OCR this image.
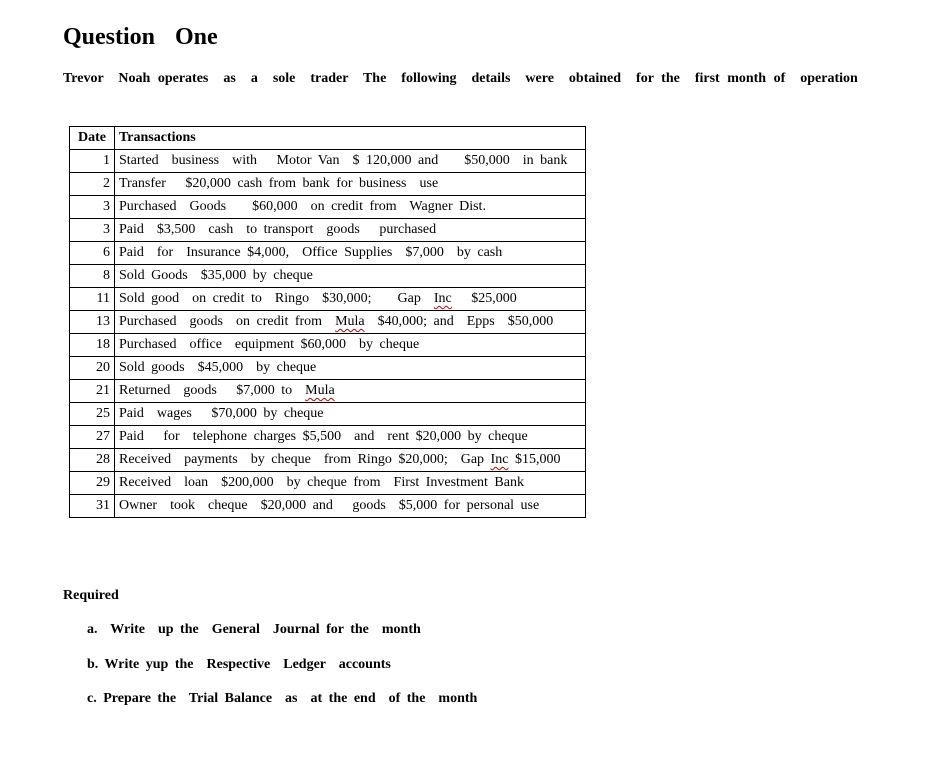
Question  One

Trevor  Noah operates  as  a  sole  trader  The  following  details  were  obtained  for the  first month of  operation

Date	Transactions
1	Started  business  with   Motor Van  $ 120,000 and    $50,000  in bank
2	Transfer   $20,000 cash from bank for business  use
3	Purchased  Goods    $60,000  on credit from  Wagner Dist.
3	Paid  $3,500  cash  to transport  goods   purchased
6	Paid  for  Insurance $4,000,  Office Supplies  $7,000  by cash
8	Sold Goods  $35,000 by cheque
11	Sold good  on credit to  Ringo  $30,000;    Gap  Inc   $25,000
13	Purchased  goods  on credit from  Mula  $40,000; and  Epps  $50,000
18	Purchased  office  equipment $60,000  by cheque
20	Sold goods  $45,000  by cheque
21	Returned  goods   $7,000 to  Mula
25	Paid  wages   $70,000 by cheque
27	Paid   for  telephone charges $5,500  and  rent $20,000 by cheque
28	Received  payments  by cheque  from Ringo $20,000;  Gap Inc $15,000
29	Received  loan  $200,000  by cheque from  First Investment Bank
31	Owner  took  cheque  $20,000 and   goods  $5,000 for personal use

Required

a.  Write  up the  General  Journal for the  month

b. Write yup the  Respective  Ledger  accounts

c. Prepare the  Trial Balance  as  at the end  of the  month
